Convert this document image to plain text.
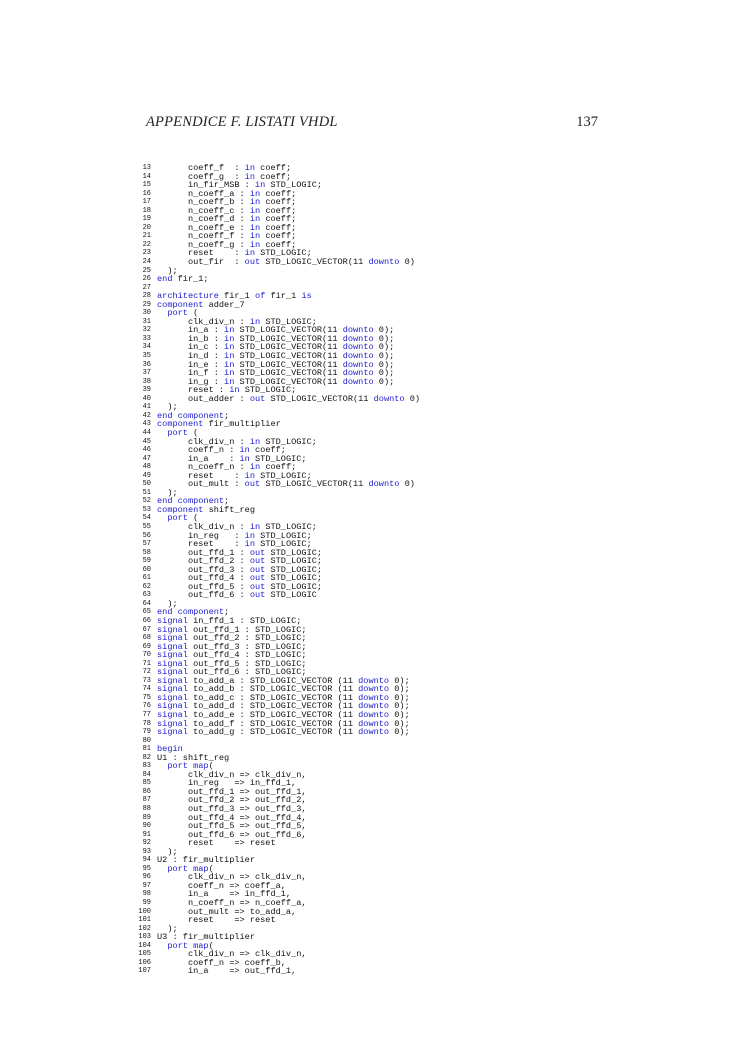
APPENDICE F. LISTATI VHDL	137
13 coeff_f  : in coeff;
14 coeff_g  : in coeff;
15 in_fir_MSB : in STD_LOGIC;
16 n_coeff_a : in coeff;
17 n_coeff_b : in coeff;
18 n_coeff_c : in coeff;
19 n_coeff_d : in coeff;
20 n_coeff_e : in coeff;
21 n_coeff_f : in coeff;
22 n_coeff_g : in coeff;
23 reset    : in STD_LOGIC;
24 out_fir  : out STD_LOGIC_VECTOR(11 downto 0)
25 );
26 end fir_1;
27
28 architecture fir_1 of fir_1 is
29 component adder_7
30	port (
31 clk_div_n : in STD_LOGIC;
32 in_a : in STD_LOGIC_VECTOR(11 downto 0);
33 in_b : in STD_LOGIC_VECTOR(11 downto 0);
34 in_c : in STD_LOGIC_VECTOR(11 downto 0);
35 in_d : in STD_LOGIC_VECTOR(11 downto 0);
36 in_e : in STD_LOGIC_VECTOR(11 downto 0);
37 in_f : in STD_LOGIC_VECTOR(11 downto 0);
38 in_g : in STD_LOGIC_VECTOR(11 downto 0);
39 reset : in STD_LOGIC;
40 out_adder : out STD_LOGIC_VECTOR(11 downto 0)
41 );
42 end component;
43 component fir_multiplier
44	port (
45 clk_div_n : in STD_LOGIC;
46 coeff_n : in coeff;
47 in_a    : in STD_LOGIC;
48 n_coeff_n : in coeff;
49 reset    : in STD_LOGIC;
50 out_mult : out STD_LOGIC_VECTOR(11 downto 0)
51 );
52 end component;
53 component shift_reg
54	port (
55 clk_div_n : in STD_LOGIC;
56 in_reg   : in STD_LOGIC;
57 reset    : in STD_LOGIC;
58 out_ffd_1 : out STD_LOGIC;
59 out_ffd_2 : out STD_LOGIC;
60 out_ffd_3 : out STD_LOGIC;
61 out_ffd_4 : out STD_LOGIC;
62 out_ffd_5 : out STD_LOGIC;
63 out_ffd_6 : out STD_LOGIC
64 );
65 end component;
66 signal in_ffd_1 : STD_LOGIC;
67 signal out_ffd_1 : STD_LOGIC;
68 signal out_ffd_2 : STD_LOGIC;
69 signal out_ffd_3 : STD_LOGIC;
70 signal out_ffd_4 : STD_LOGIC;
71 signal out_ffd_5 : STD_LOGIC;
72 signal out_ffd_6 : STD_LOGIC;
73 signal to_add_a : STD_LOGIC_VECTOR (11 downto 0);
74 signal to_add_b : STD_LOGIC_VECTOR (11 downto 0);
75 signal to_add_c : STD_LOGIC_VECTOR (11 downto 0);
76 signal to_add_d : STD_LOGIC_VECTOR (11 downto 0);
77 signal to_add_e : STD_LOGIC_VECTOR (11 downto 0);
78 signal to_add_f : STD_LOGIC_VECTOR (11 downto 0);
79 signal to_add_g : STD_LOGIC_VECTOR (11 downto 0);
80
81 begin
82 U1 : shift_reg
83	port map(
84 clk_div_n => clk_div_n,
85 in_reg   => in_ffd_1,
86 out_ffd_1 => out_ffd_1,
87 out_ffd_2 => out_ffd_2,
88 out_ffd_3 => out_ffd_3,
89 out_ffd_4 => out_ffd_4,
90 out_ffd_5 => out_ffd_5,
91 out_ffd_6 => out_ffd_6,
92 reset    => reset
93 );
94 U2 : fir_multiplier
95	port map(
96 clk_div_n => clk_div_n,
97 coeff_n => coeff_a,
98 in_a    => in_ffd_1,
99 n_coeff_n => n_coeff_a,
100 out_mult => to_add_a,
101 reset    => reset
102 );
103 U3 : fir_multiplier
104	port map(
105 clk_div_n => clk_div_n,
106 coeff_n => coeff_b,
107 in_a    => out_ffd_1,
